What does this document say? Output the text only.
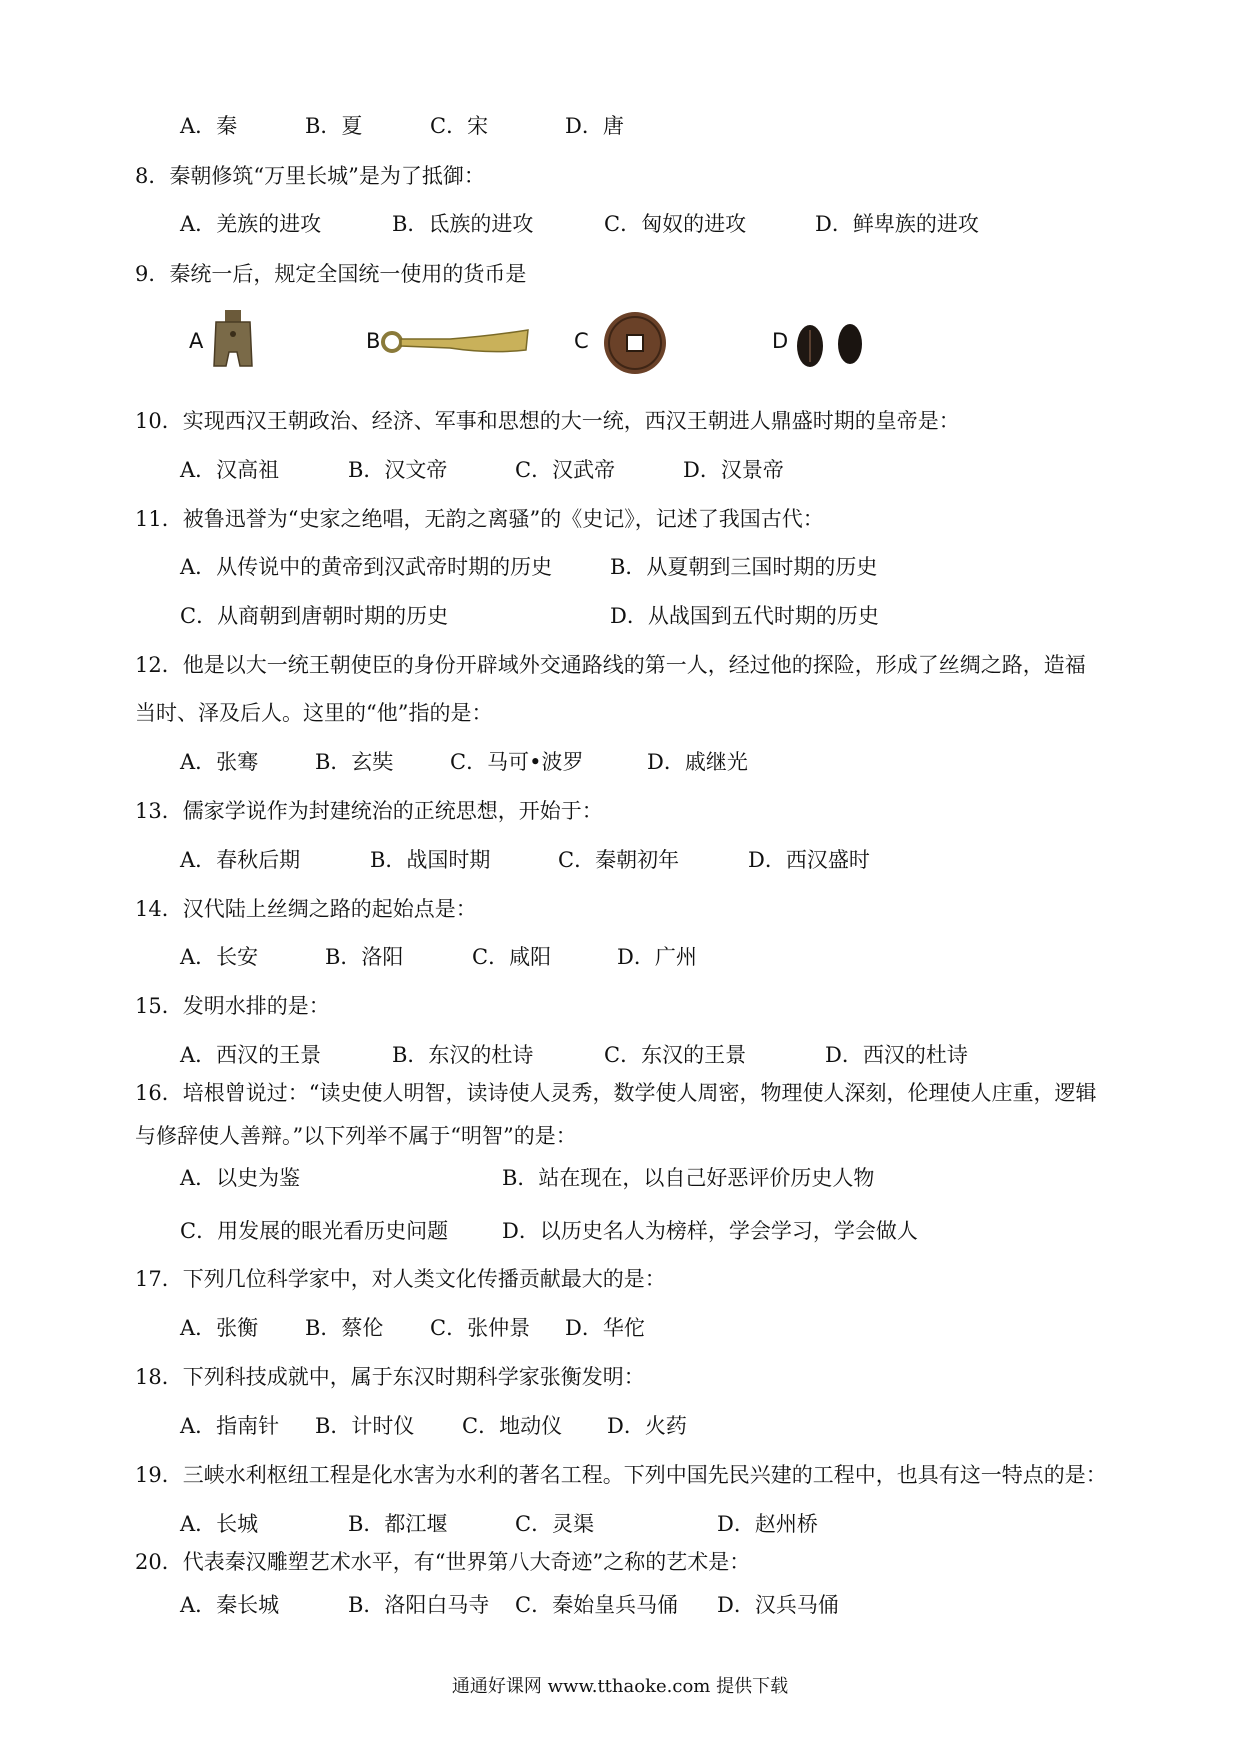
A．秦	B．夏	C．宋	D．唐
8．秦朝修筑“万里长城”是为了抵御：
A．羌族的进攻	B．氐族的进攻	C．匈奴的进攻	D．鲜卑族的进攻
9．秦统一后，规定全国统一使用的货币是
A	B	C	D
10．实现西汉王朝政治、经济、军事和思想的大一统，西汉王朝进人鼎盛时期的皇帝是：
A．汉高祖	B．汉文帝	C．汉武帝	D．汉景帝
11．被鲁迅誉为“史家之绝唱，无韵之离骚”的《史记》，记述了我国古代：
A．从传说中的黄帝到汉武帝时期的历史	B．从夏朝到三国时期的历史
C．从商朝到唐朝时期的历史	D．从战国到五代时期的历史
12．他是以大一统王朝使臣的身份开辟域外交通路线的第一人，经过他的探险，形成了丝绸之路，造福
当时、泽及后人。这里的“他”指的是：
A．张骞	B．玄奘	C．马可•波罗	D．戚继光
13．儒家学说作为封建统治的正统思想，开始于：
A．春秋后期	B．战国时期	C．秦朝初年	D．西汉盛时
14．汉代陆上丝绸之路的起始点是：
A．长安	B．洛阳	C．咸阳	D．广州
15．发明水排的是：
A．西汉的王景	B．东汉的杜诗	C．东汉的王景	D．西汉的杜诗
16．培根曾说过：“读史使人明智，读诗使人灵秀，数学使人周密，物理使人深刻，伦理使人庄重，逻辑
与修辞使人善辩。”以下列举不属于“明智”的是：
A．以史为鉴	B．站在现在，以自己好恶评价历史人物
C．用发展的眼光看历史问题	D．以历史名人为榜样，学会学习，学会做人
17．下列几位科学家中，对人类文化传播贡献最大的是：
A．张衡 B．蔡伦 C．张仲景 D．华佗
18．下列科技成就中，属于东汉时期科学家张衡发明：
A．指南针 B．计时仪 C．地动仪 D．火药
19．三峡水利枢纽工程是化水害为水利的著名工程。下列中国先民兴建的工程中，也具有这一特点的是：
A．长城	B．都江堰	C．灵渠	D．赵州桥
20．代表秦汉雕塑艺术水平，有“世界第八大奇迹”之称的艺术是：
A．秦长城	B．洛阳白马寺 C．秦始皇兵马俑 D．汉兵马俑
通通好课网 www.tthaoke.com 提供下载
